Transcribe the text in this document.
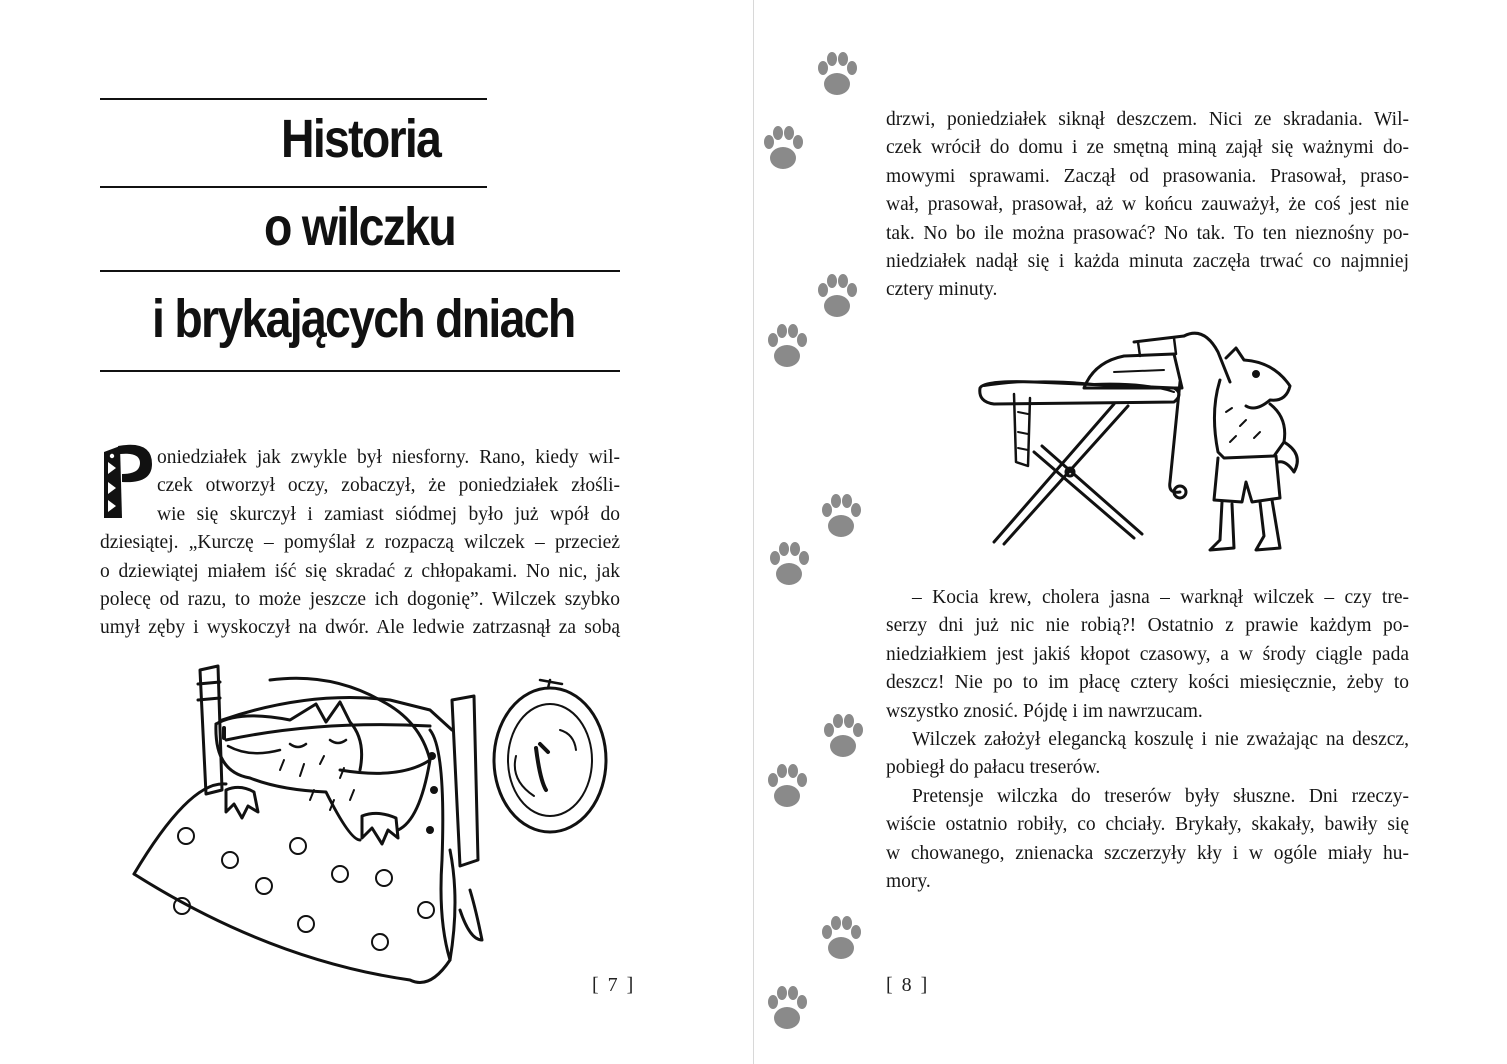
Historia
o wilczku
i brykających dniach
oniedziałek jak zwykle był niesforny. Rano, kiedy wil-
czek otworzył oczy, zobaczył, że poniedziałek złośli-
wie się skurczył i zamiast siódmej było już wpół do
dziesiątej. „Kurczę – pomyślał z rozpaczą wilczek – przecież
o dziewiątej miałem iść się skradać z chłopakami. No nic, jak
polecę od razu, to może jeszcze ich dogonię”. Wilczek szybko
umył zęby i wyskoczył na dwór. Ale ledwie zatrzasnął za sobą
[ 7 ]
drzwi, poniedziałek siknął deszczem. Nici ze skradania. Wil-
czek wrócił do domu i ze smętną miną zajął się ważnymi do-
mowymi sprawami. Zaczął od prasowania. Prasował, praso-
wał, prasował, prasował, aż w końcu zauważył, że coś jest nie
tak. No bo ile można prasować? No tak. To ten nieznośny po-
niedziałek nadął się i każda minuta zaczęła trwać co najmniej
cztery minuty.
– Kocia krew, cholera jasna – warknął wilczek – czy tre-
serzy dni już nic nie robią?! Ostatnio z prawie każdym po-
niedziałkiem jest jakiś kłopot czasowy, a w środy ciągle pada
deszcz! Nie po to im płacę cztery kości miesięcznie, żeby to
wszystko znosić. Pójdę i im nawrzucam.
Wilczek założył elegancką koszulę i nie zważając na deszcz,
pobiegł do pałacu treserów.
Pretensje wilczka do treserów były słuszne. Dni rzeczy-
wiście ostatnio robiły, co chciały. Brykały, skakały, bawiły się
w chowanego, znienacka szczerzyły kły i w ogóle miały hu-
mory.
[ 8 ]
